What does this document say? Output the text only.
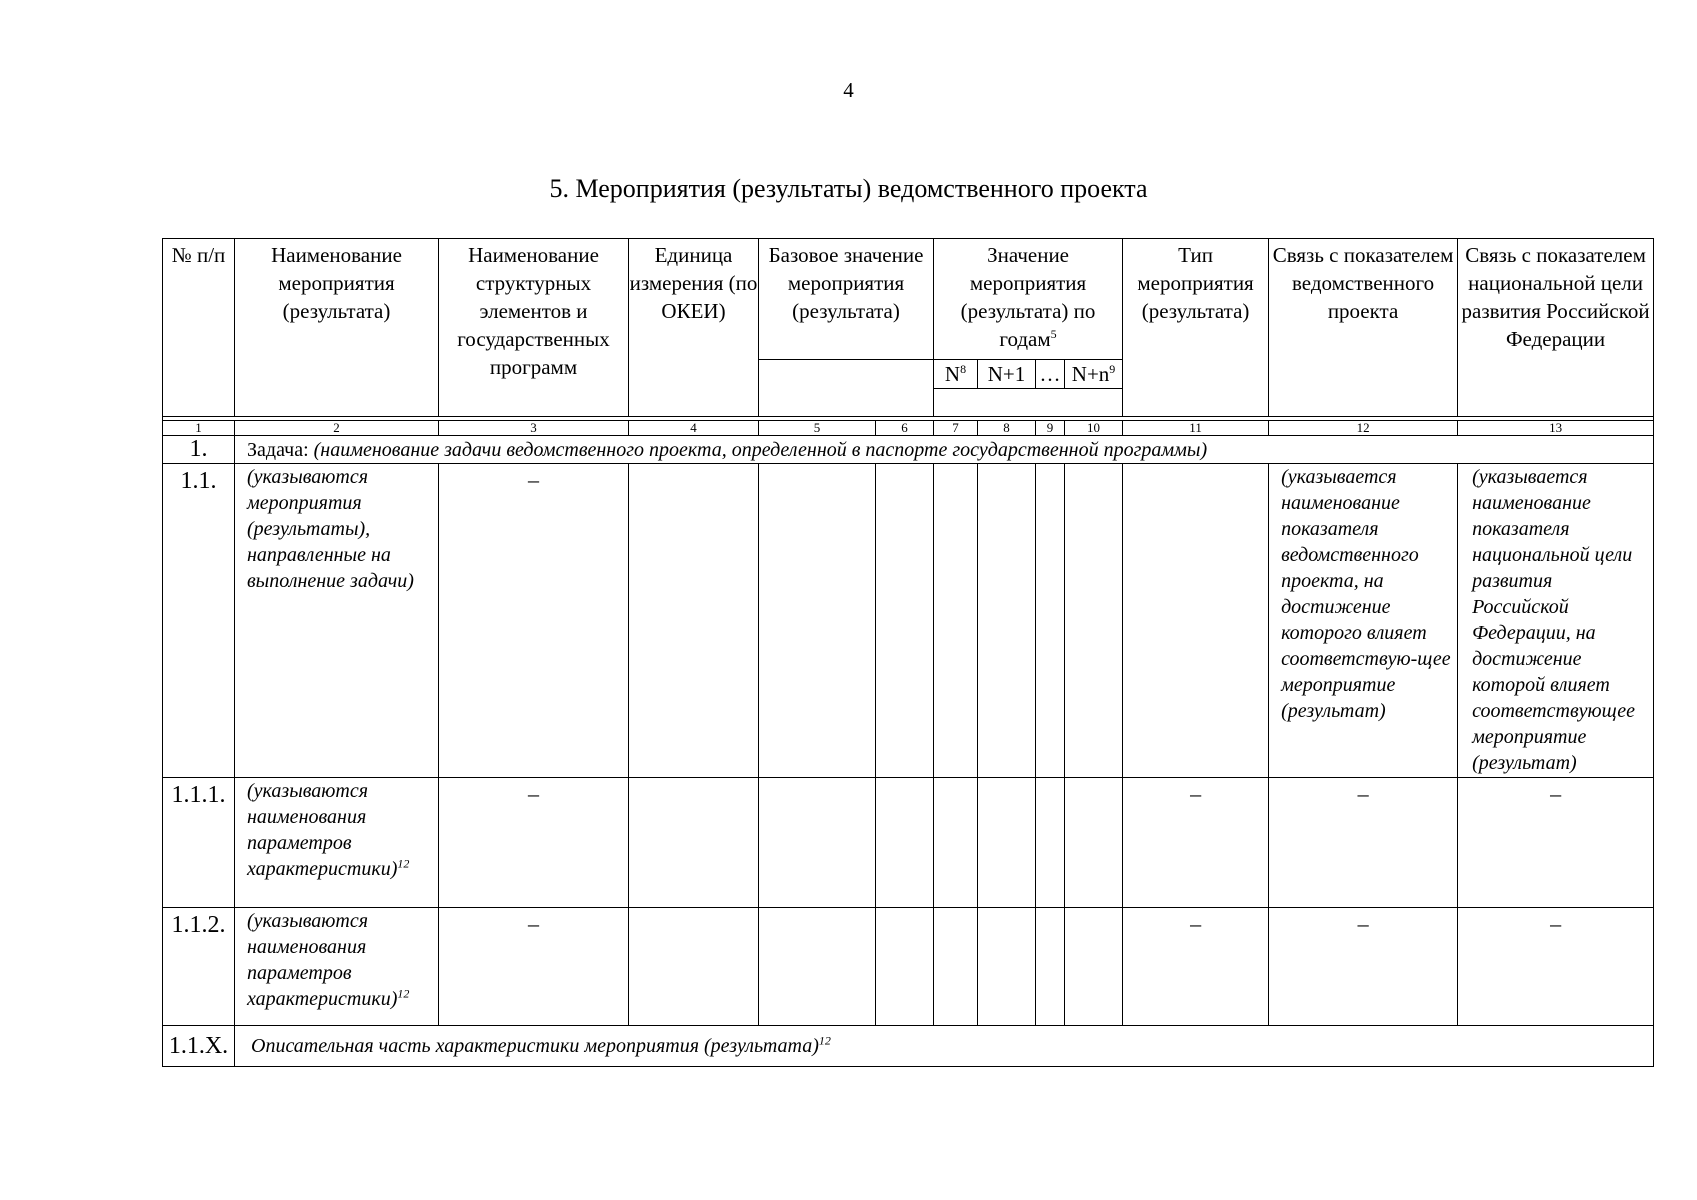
4
5. Мероприятия (результаты) ведомственного проекта
№ п/п	Наименование мероприятия (результата)	Наименование структурных элементов и государственных программ	Единица измерения (по ОКЕИ)	Базовое значение мероприятия (результата)		Значение мероприятия (результата) по годам$^5$				Тип мероприятия (результата)	Связь с показателем ведомственного проекта	Связь с показателем национальной цели развития Российской Федерации
						$N^8$	N+1	…	$N+n^9$

1	2	3	4	5	6	7	8	9	10	11	12	13
1.	Задача: (наименование задачи ведомственного проекта, определенной в паспорте государственной программы)											
1.1.	(указываются мероприятия (результаты), направленные на выполнение задачи)	–									(указывается наименование показателя ведомственного проекта, на достижение которого влияет соответствую-щее мероприятие (результат)	(указывается наименование показателя национальной цели развития Российской Федерации, на достижение которой влияет соответствующее мероприятие (результат)
1.1.1.	(указываются наименования параметров характеристики)$^{12}$	–								–	–	–
1.1.2.	(указываются наименования параметров характеристики)$^{12}$	–								–	–	–
1.1.X.	Описательная часть характеристики мероприятия (результата)$^{12}$
